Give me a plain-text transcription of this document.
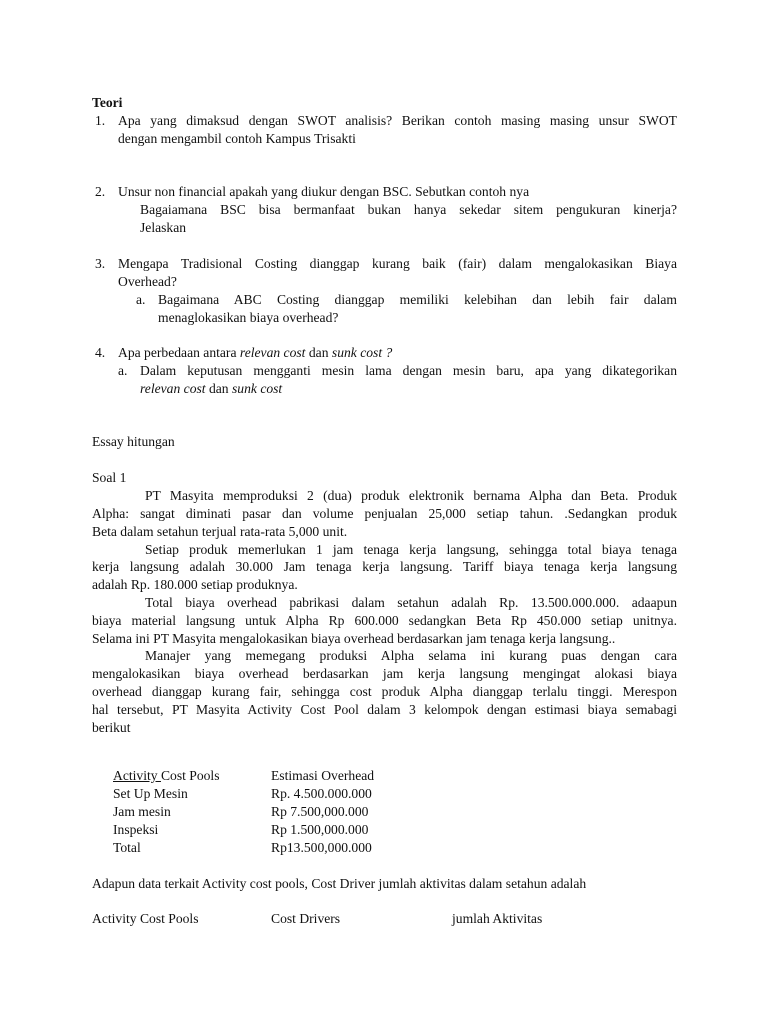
Teori
1. Apa yang dimaksud dengan SWOT analisis? Berikan contoh masing masing unsur SWOT
dengan mengambil contoh Kampus Trisakti
2. Unsur non financial apakah yang diukur dengan BSC. Sebutkan contoh nya
Bagaiamana BSC bisa bermanfaat bukan hanya sekedar sitem pengukuran kinerja?
Jelaskan
3. Mengapa Tradisional Costing dianggap kurang baik (fair) dalam mengalokasikan Biaya
Overhead?
a. Bagaimana ABC Costing dianggap memiliki kelebihan dan lebih fair dalam
menaglokasikan biaya overhead?
4. Apa perbedaan antara relevan cost dan sunk cost ?
a. Dalam keputusan mengganti mesin lama dengan mesin baru, apa yang dikategorikan
relevan cost dan sunk cost
Essay hitungan
Soal 1
PT Masyita memproduksi 2 (dua) produk elektronik bernama Alpha dan Beta. Produk
Alpha: sangat diminati pasar dan volume penjualan 25,000 setiap tahun. .Sedangkan produk
Beta dalam setahun terjual rata-rata 5,000 unit.
Setiap produk memerlukan 1 jam tenaga kerja langsung, sehingga total biaya tenaga
kerja langsung adalah 30.000 Jam tenaga kerja langsung. Tariff biaya tenaga kerja langsung
adalah Rp. 180.000 setiap produknya.
Total biaya overhead pabrikasi dalam setahun adalah Rp. 13.500.000.000. adaapun
biaya material langsung untuk Alpha Rp 600.000 sedangkan Beta Rp 450.000 setiap unitnya.
Selama ini PT Masyita mengalokasikan biaya overhead berdasarkan jam tenaga kerja langsung..
Manajer yang memegang produksi Alpha selama ini kurang puas dengan cara
mengalokasikan biaya overhead berdasarkan jam kerja langsung mengingat alokasi biaya
overhead dianggap kurang fair, sehingga cost produk Alpha dianggap terlalu tinggi. Merespon
hal tersebut, PT Masyita Activity Cost Pool dalam 3 kelompok dengan estimasi biaya semabagi
berikut
Activity Cost Pools	Estimasi Overhead
Set Up Mesin	Rp. 4.500.000.000
Jam mesin	Rp 7.500,000.000
Inspeksi	Rp 1.500,000.000
Total	Rp13.500,000.000
Adapun data terkait Activity cost pools, Cost Driver jumlah aktivitas dalam setahun adalah
Activity Cost Pools	Cost Drivers	jumlah Aktivitas
